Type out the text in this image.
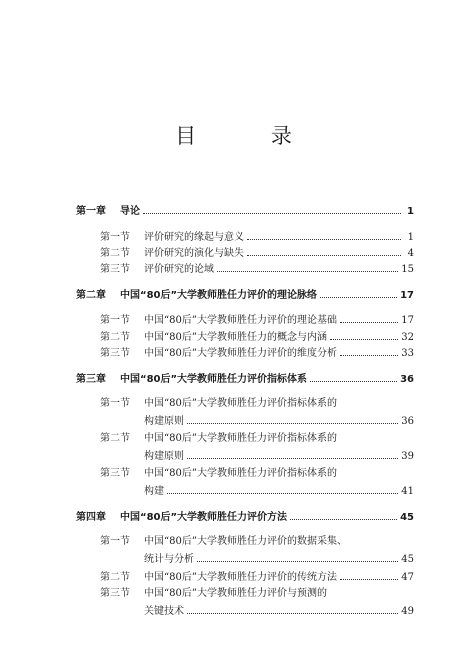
目 录
第一章	导论	1
第一节	评价研究的缘起与意义	1
第二节	评价研究的演化与缺失	4
第三节	评价研究的论域	15
第二章	中国“80后”大学教师胜任力评价的理论脉络	17
第一节	中国“80后”大学教师胜任力评价的理论基础	17
第二节	中国“80后”大学教师胜任力的概念与内涵	32
第三节	中国“80后”大学教师胜任力评价的维度分析	33
第三章	中国“80后”大学教师胜任力评价指标体系	36
第一节	中国“80后”大学教师胜任力评价指标体系的
构建原则	36
第二节	中国“80后”大学教师胜任力评价指标体系的
构建原则	39
第三节	中国“80后”大学教师胜任力评价指标体系的
构建	41
第四章	中国“80后”大学教师胜任力评价方法	45
第一节	中国“80后”大学教师胜任力评价的数据采集、
统计与分析	45
第二节	中国“80后”大学教师胜任力评价的传统方法	47
第三节	中国“80后”大学教师胜任力评价与预测的
关键技术	49
